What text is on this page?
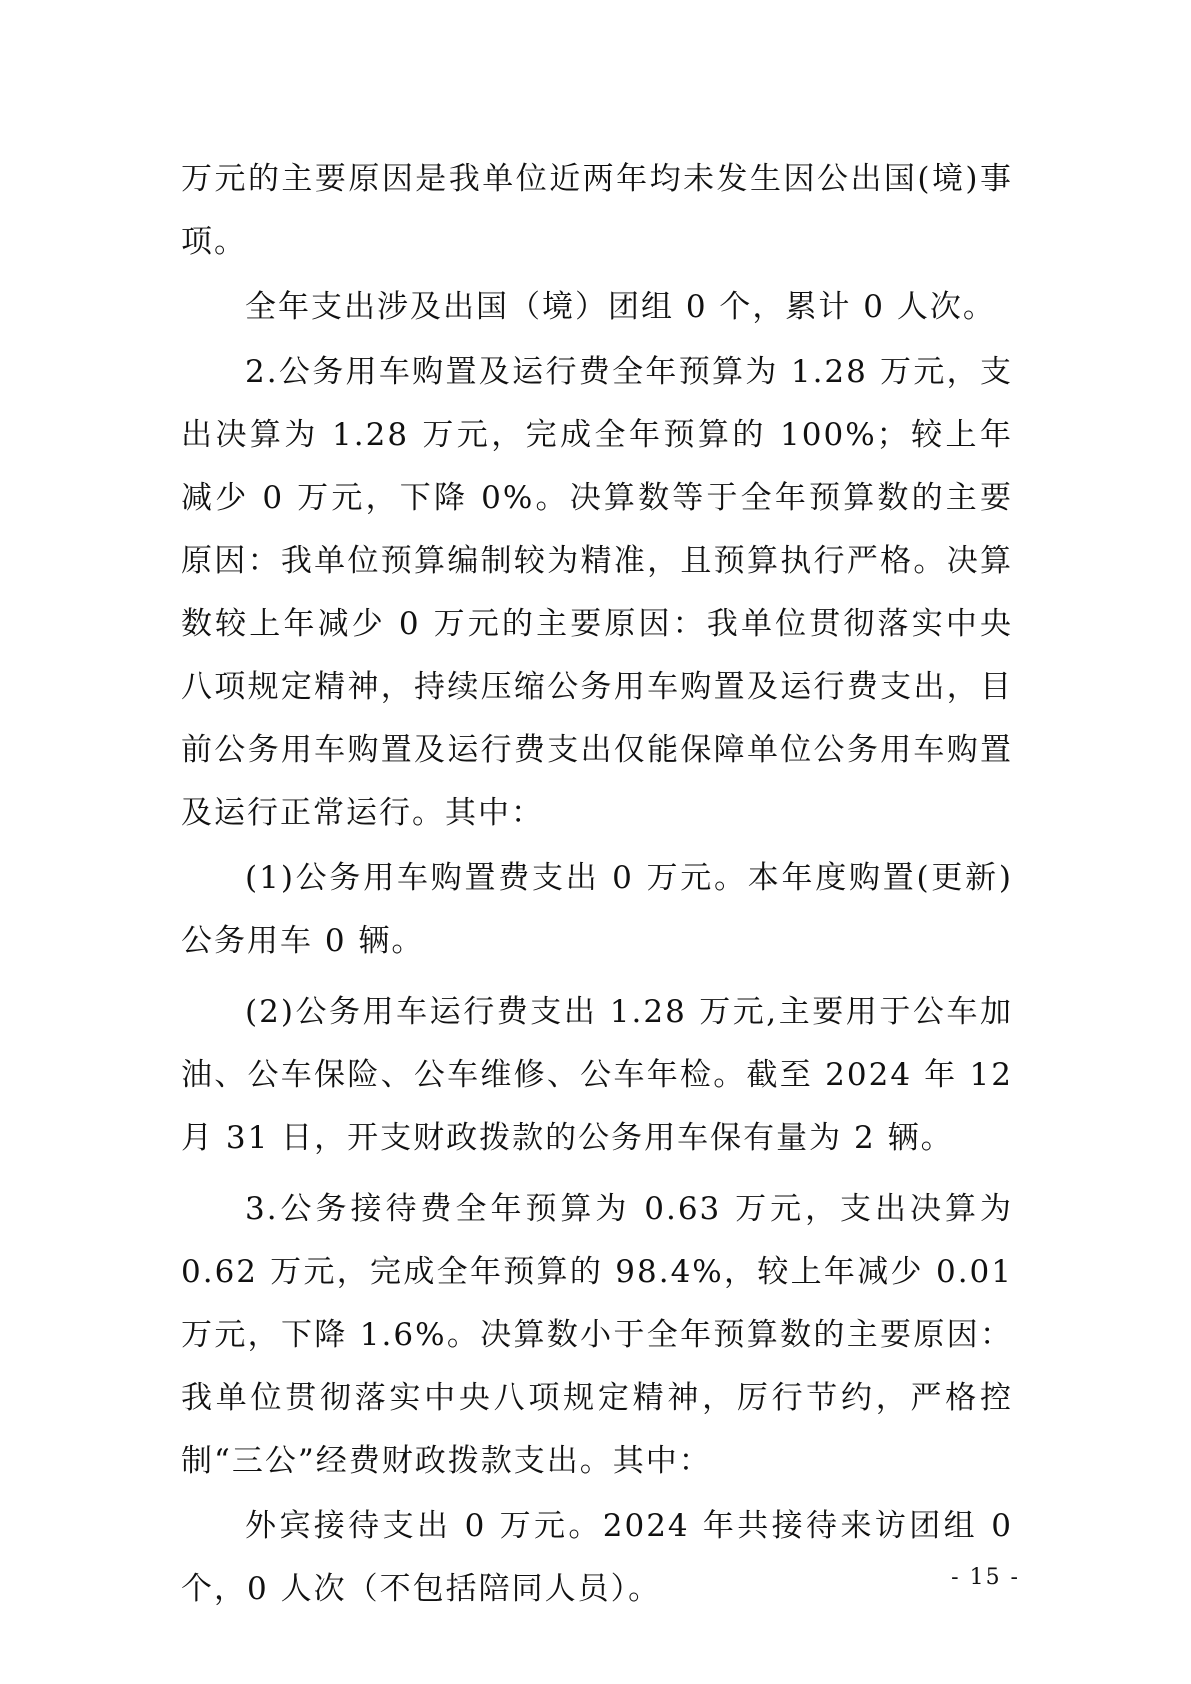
万元的主要原因是我单位近两年均未发生因公出国(境)事项。

全年支出涉及出国（境）团组 0 个，累计 0 人次。

2.公务用车购置及运行费全年预算为 1.28 万元，支出决算为 1.28 万元，完成全年预算的 100%；较上年减少 0 万元，下降 0%。决算数等于全年预算数的主要原因：我单位预算编制较为精准，且预算执行严格。决算数较上年减少 0 万元的主要原因：我单位贯彻落实中央八项规定精神，持续压缩公务用车购置及运行费支出，目前公务用车购置及运行费支出仅能保障单位公务用车购置及运行正常运行。其中：

(1)公务用车购置费支出 0 万元。本年度购置(更新)公务用车 0 辆。

(2)公务用车运行费支出 1.28 万元,主要用于公车加油、公车保险、公车维修、公车年检。截至 2024 年 12 月 31 日，开支财政拨款的公务用车保有量为 2 辆。

3.公务接待费全年预算为 0.63 万元，支出决算为 0.62 万元，完成全年预算的 98.4%，较上年减少 0.01 万元，下降 1.6%。决算数小于全年预算数的主要原因：我单位贯彻落实中央八项规定精神，厉行节约，严格控制“三公”经费财政拨款支出。其中：

外宾接待支出 0 万元。2024 年共接待来访团组 0 个，0 人次（不包括陪同人员）。	- 15 -
